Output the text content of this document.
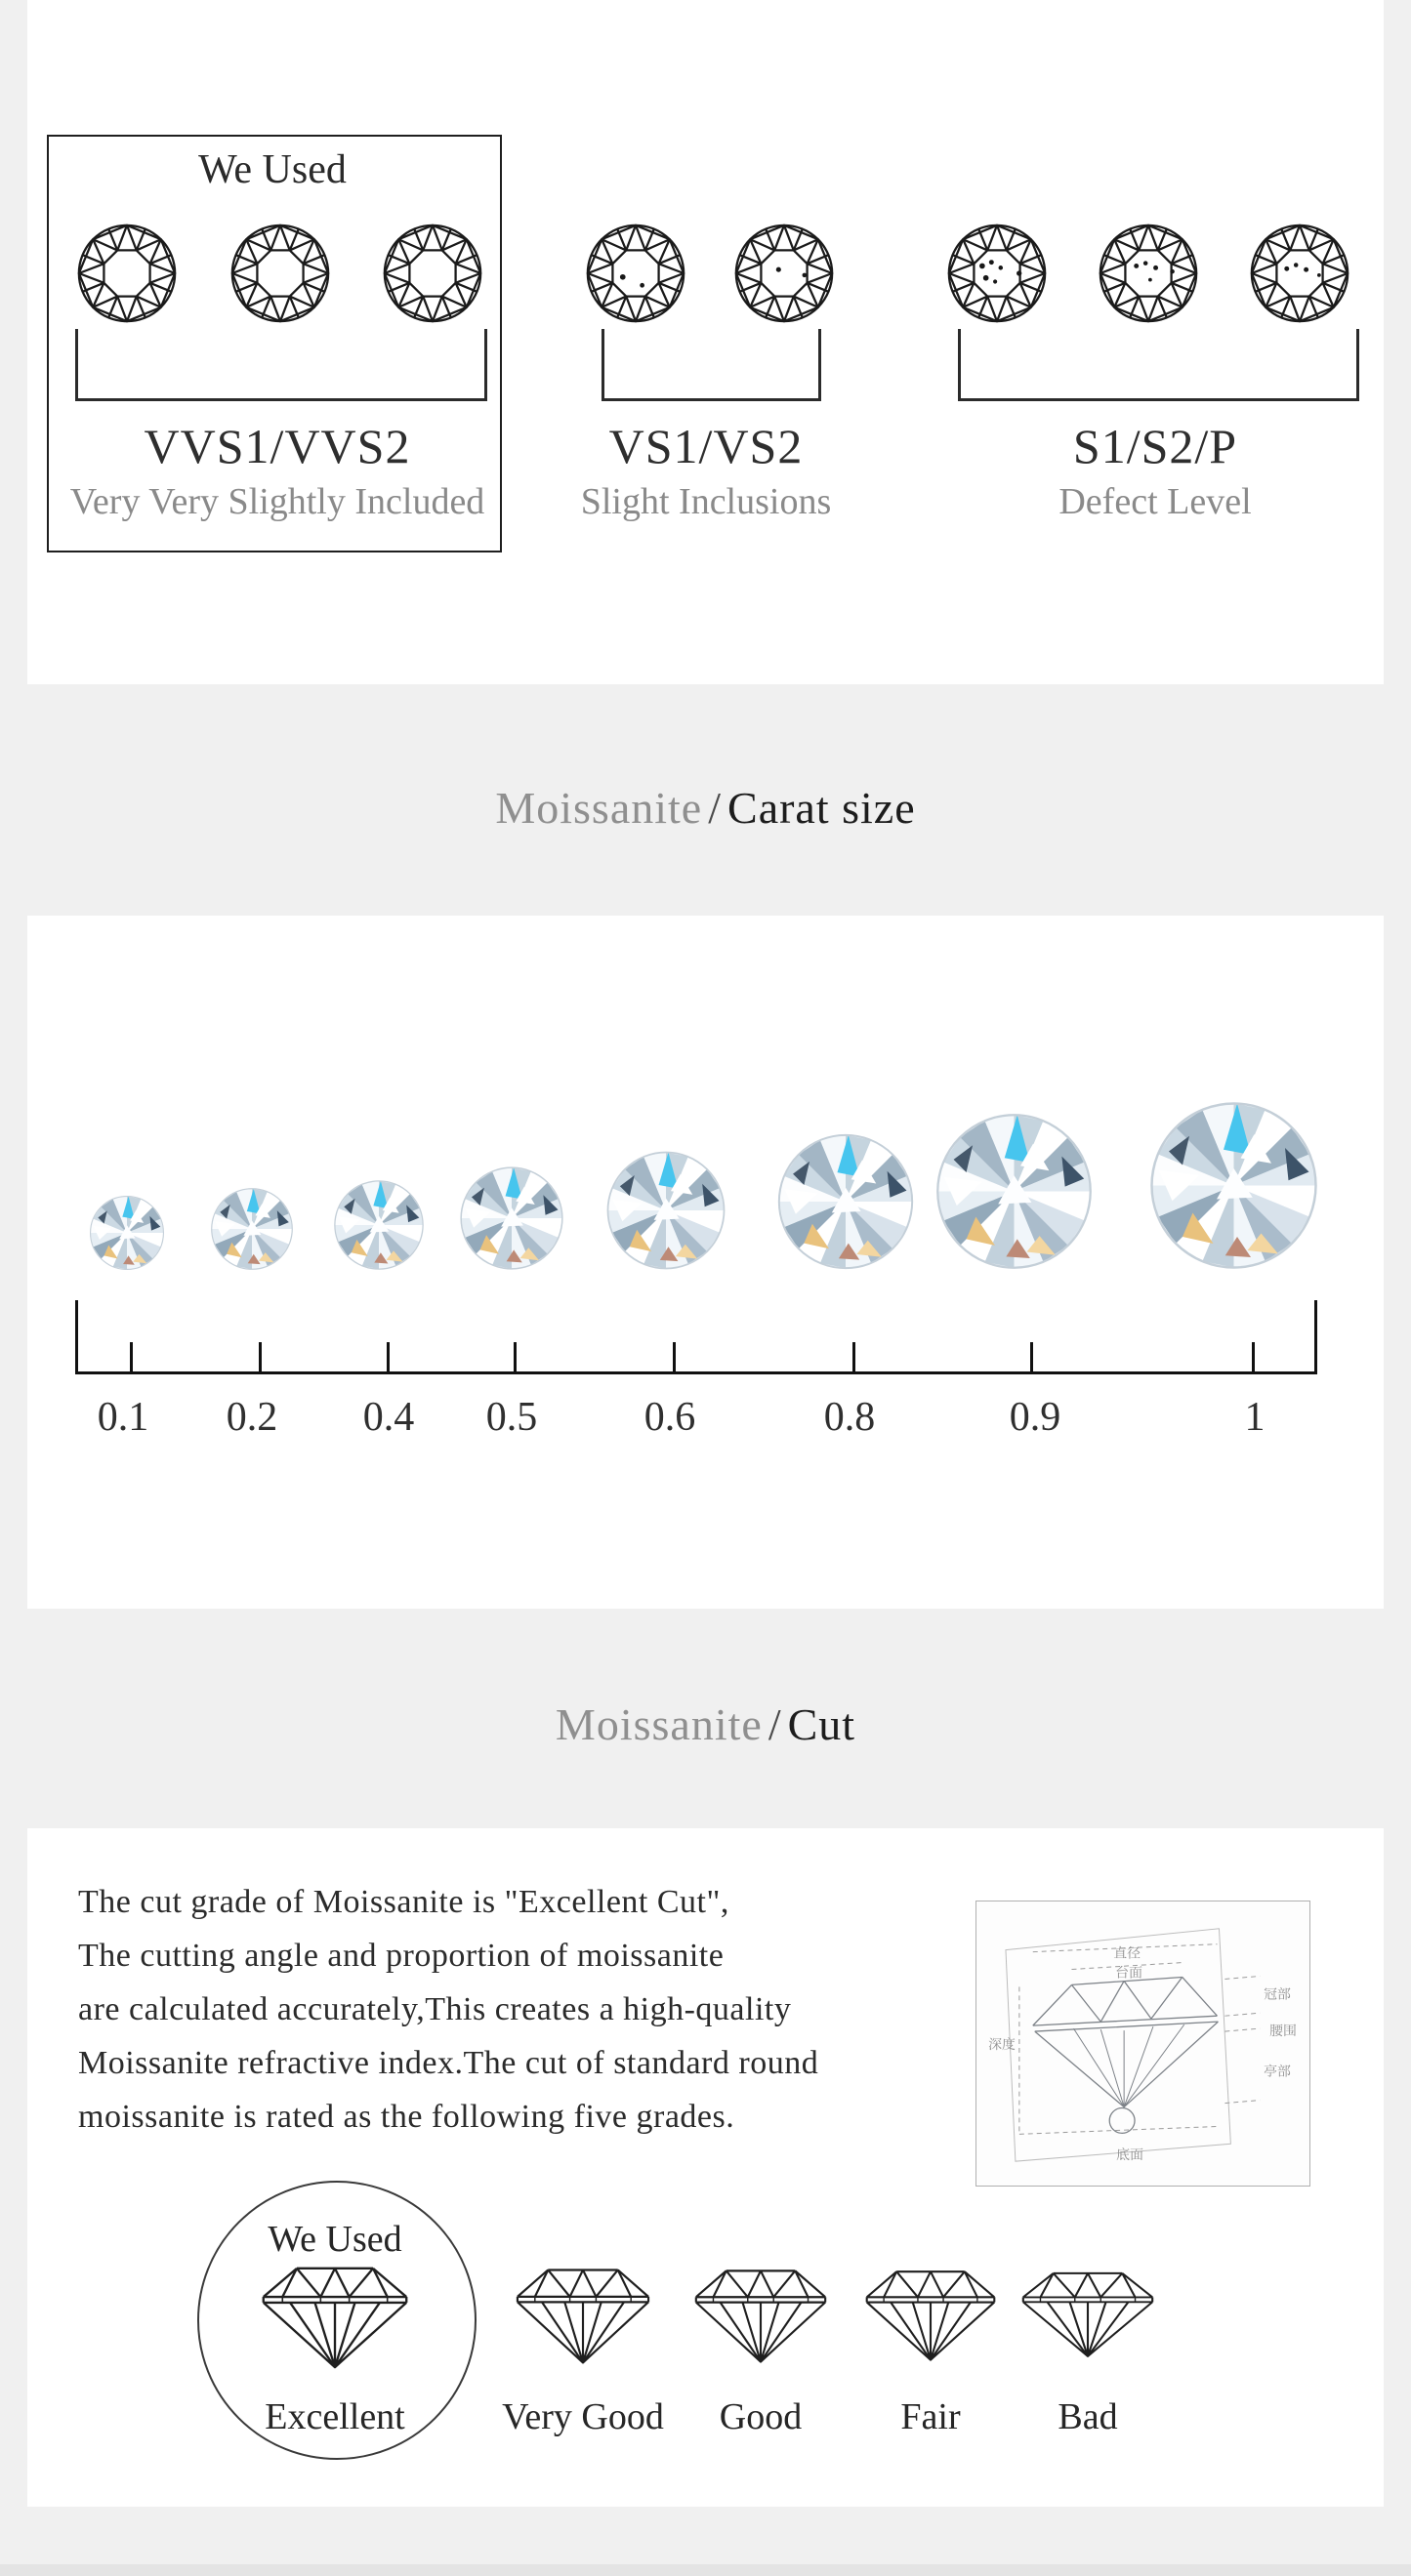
We Used
VVS1/VVS2
Very Very Slightly Included
VS1/VS2
Slight Inclusions
S1/S2/P
Defect Level
Moissanite / Carat size
0.1 0.2 0.4 0.5	0.6	0.8	0.9	1
Moissanite / Cut
直径
台面
深度
冠部
腰围
亭部
底面
We Used
The cut grade of Moissanite is "Excellent Cut",
The cutting angle and proportion of moissanite
are calculated accurately,This creates a high-quality
Moissanite refractive index.The cut of standard round
moissanite is rated as the following five grades.
Excellent	Very Good Good	Fair	Bad
